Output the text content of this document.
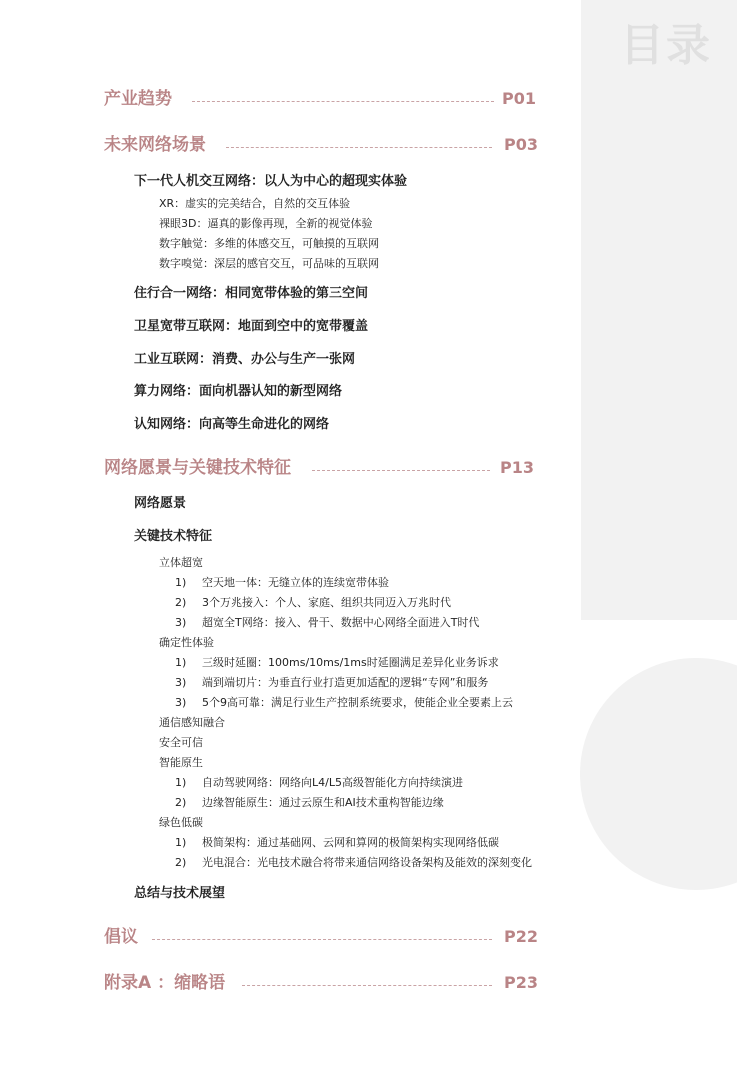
目录
产业趋势	P01
未来网络场景	P03
下一代人机交互网络：以人为中心的超现实体验
XR：虚实的完美结合，自然的交互体验
裸眼3D：逼真的影像再现，全新的视觉体验
数字触觉：多维的体感交互，可触摸的互联网
数字嗅觉：深层的感官交互，可品味的互联网
住行合一网络：相同宽带体验的第三空间
卫星宽带互联网：地面到空中的宽带覆盖
工业互联网：消费、办公与生产一张网
算力网络：面向机器认知的新型网络
认知网络：向高等生命进化的网络
网络愿景与关键技术特征	P13
网络愿景
关键技术特征
立体超宽
1) 空天地一体：无缝立体的连续宽带体验
2) 3个万兆接入：个人、家庭、组织共同迈入万兆时代
3) 超宽全T网络：接入、骨干、数据中心网络全面进入T时代
确定性体验
1) 三级时延圈：100ms/10ms/1ms时延圈满足差异化业务诉求
3) 端到端切片：为垂直行业打造更加适配的逻辑“专网”和服务
3) 5个9高可靠：满足行业生产控制系统要求，使能企业全要素上云
通信感知融合
安全可信
智能原生
1) 自动驾驶网络：网络向L4/L5高级智能化方向持续演进
2) 边缘智能原生：通过云原生和AI技术重构智能边缘
绿色低碳
1) 极简架构：通过基础网、云网和算网的极简架构实现网络低碳
2) 光电混合：光电技术融合将带来通信网络设备架构及能效的深刻变化
总结与技术展望
倡议	P22
附录A ：缩略语	P23
